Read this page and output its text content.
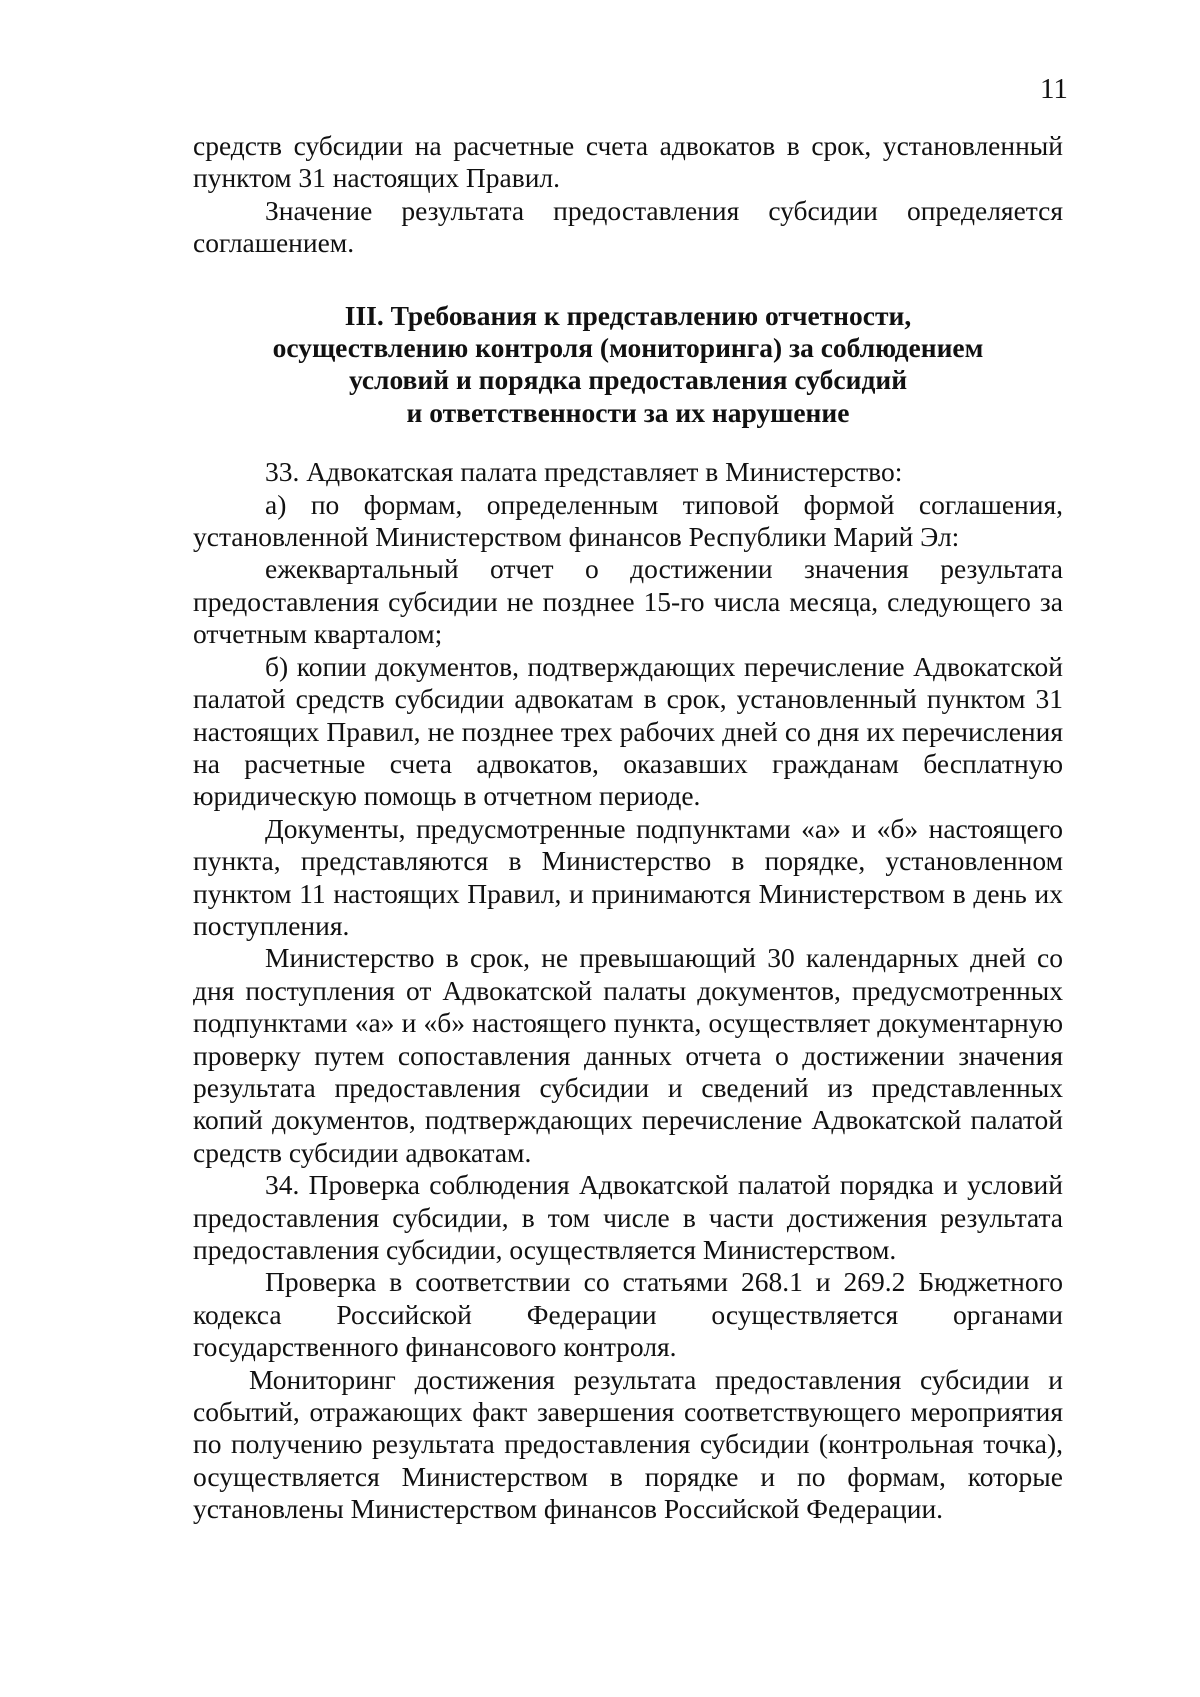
11

средств субсидии на расчетные счета адвокатов в срок, установленный пунктом 31 настоящих Правил.

Значение результата предоставления субсидии определяется соглашением.

III. Требования к представлению отчетности,
осуществлению контроля (мониторинга) за соблюдением
условий и порядка предоставления субсидий
и ответственности за их нарушение

33. Адвокатская палата представляет в Министерство:

а) по формам, определенным типовой формой соглашения, установленной Министерством финансов Республики Марий Эл:

ежеквартальный отчет о достижении значения результата предоставления субсидии не позднее 15-го числа месяца, следующего за отчетным кварталом;

б) копии документов, подтверждающих перечисление Адвокатской палатой средств субсидии адвокатам в срок, установленный пунктом 31 настоящих Правил, не позднее трех рабочих дней со дня их перечисления на расчетные счета адвокатов, оказавших гражданам бесплатную юридическую помощь в отчетном периоде.

Документы, предусмотренные подпунктами «а» и «б» настоящего пункта, представляются в Министерство в порядке, установленном пунктом 11 настоящих Правил, и принимаются Министерством в день их поступления.

Министерство в срок, не превышающий 30 календарных дней со дня поступления от Адвокатской палаты документов, предусмотренных подпунктами «а» и «б» настоящего пункта, осуществляет документарную проверку путем сопоставления данных отчета о достижении значения результата предоставления субсидии и сведений из представленных копий документов, подтверждающих перечисление Адвокатской палатой средств субсидии адвокатам.

34. Проверка соблюдения Адвокатской палатой порядка и условий предоставления субсидии, в том числе в части достижения результата предоставления субсидии, осуществляется Министерством.

Проверка в соответствии со статьями 268.1 и 269.2 Бюджетного кодекса Российской Федерации осуществляется органами государственного финансового контроля.

Мониторинг достижения результата предоставления субсидии и событий, отражающих факт завершения соответствующего мероприятия по получению результата предоставления субсидии (контрольная точка), осуществляется Министерством в порядке и по формам, которые установлены Министерством финансов Российской Федерации.
